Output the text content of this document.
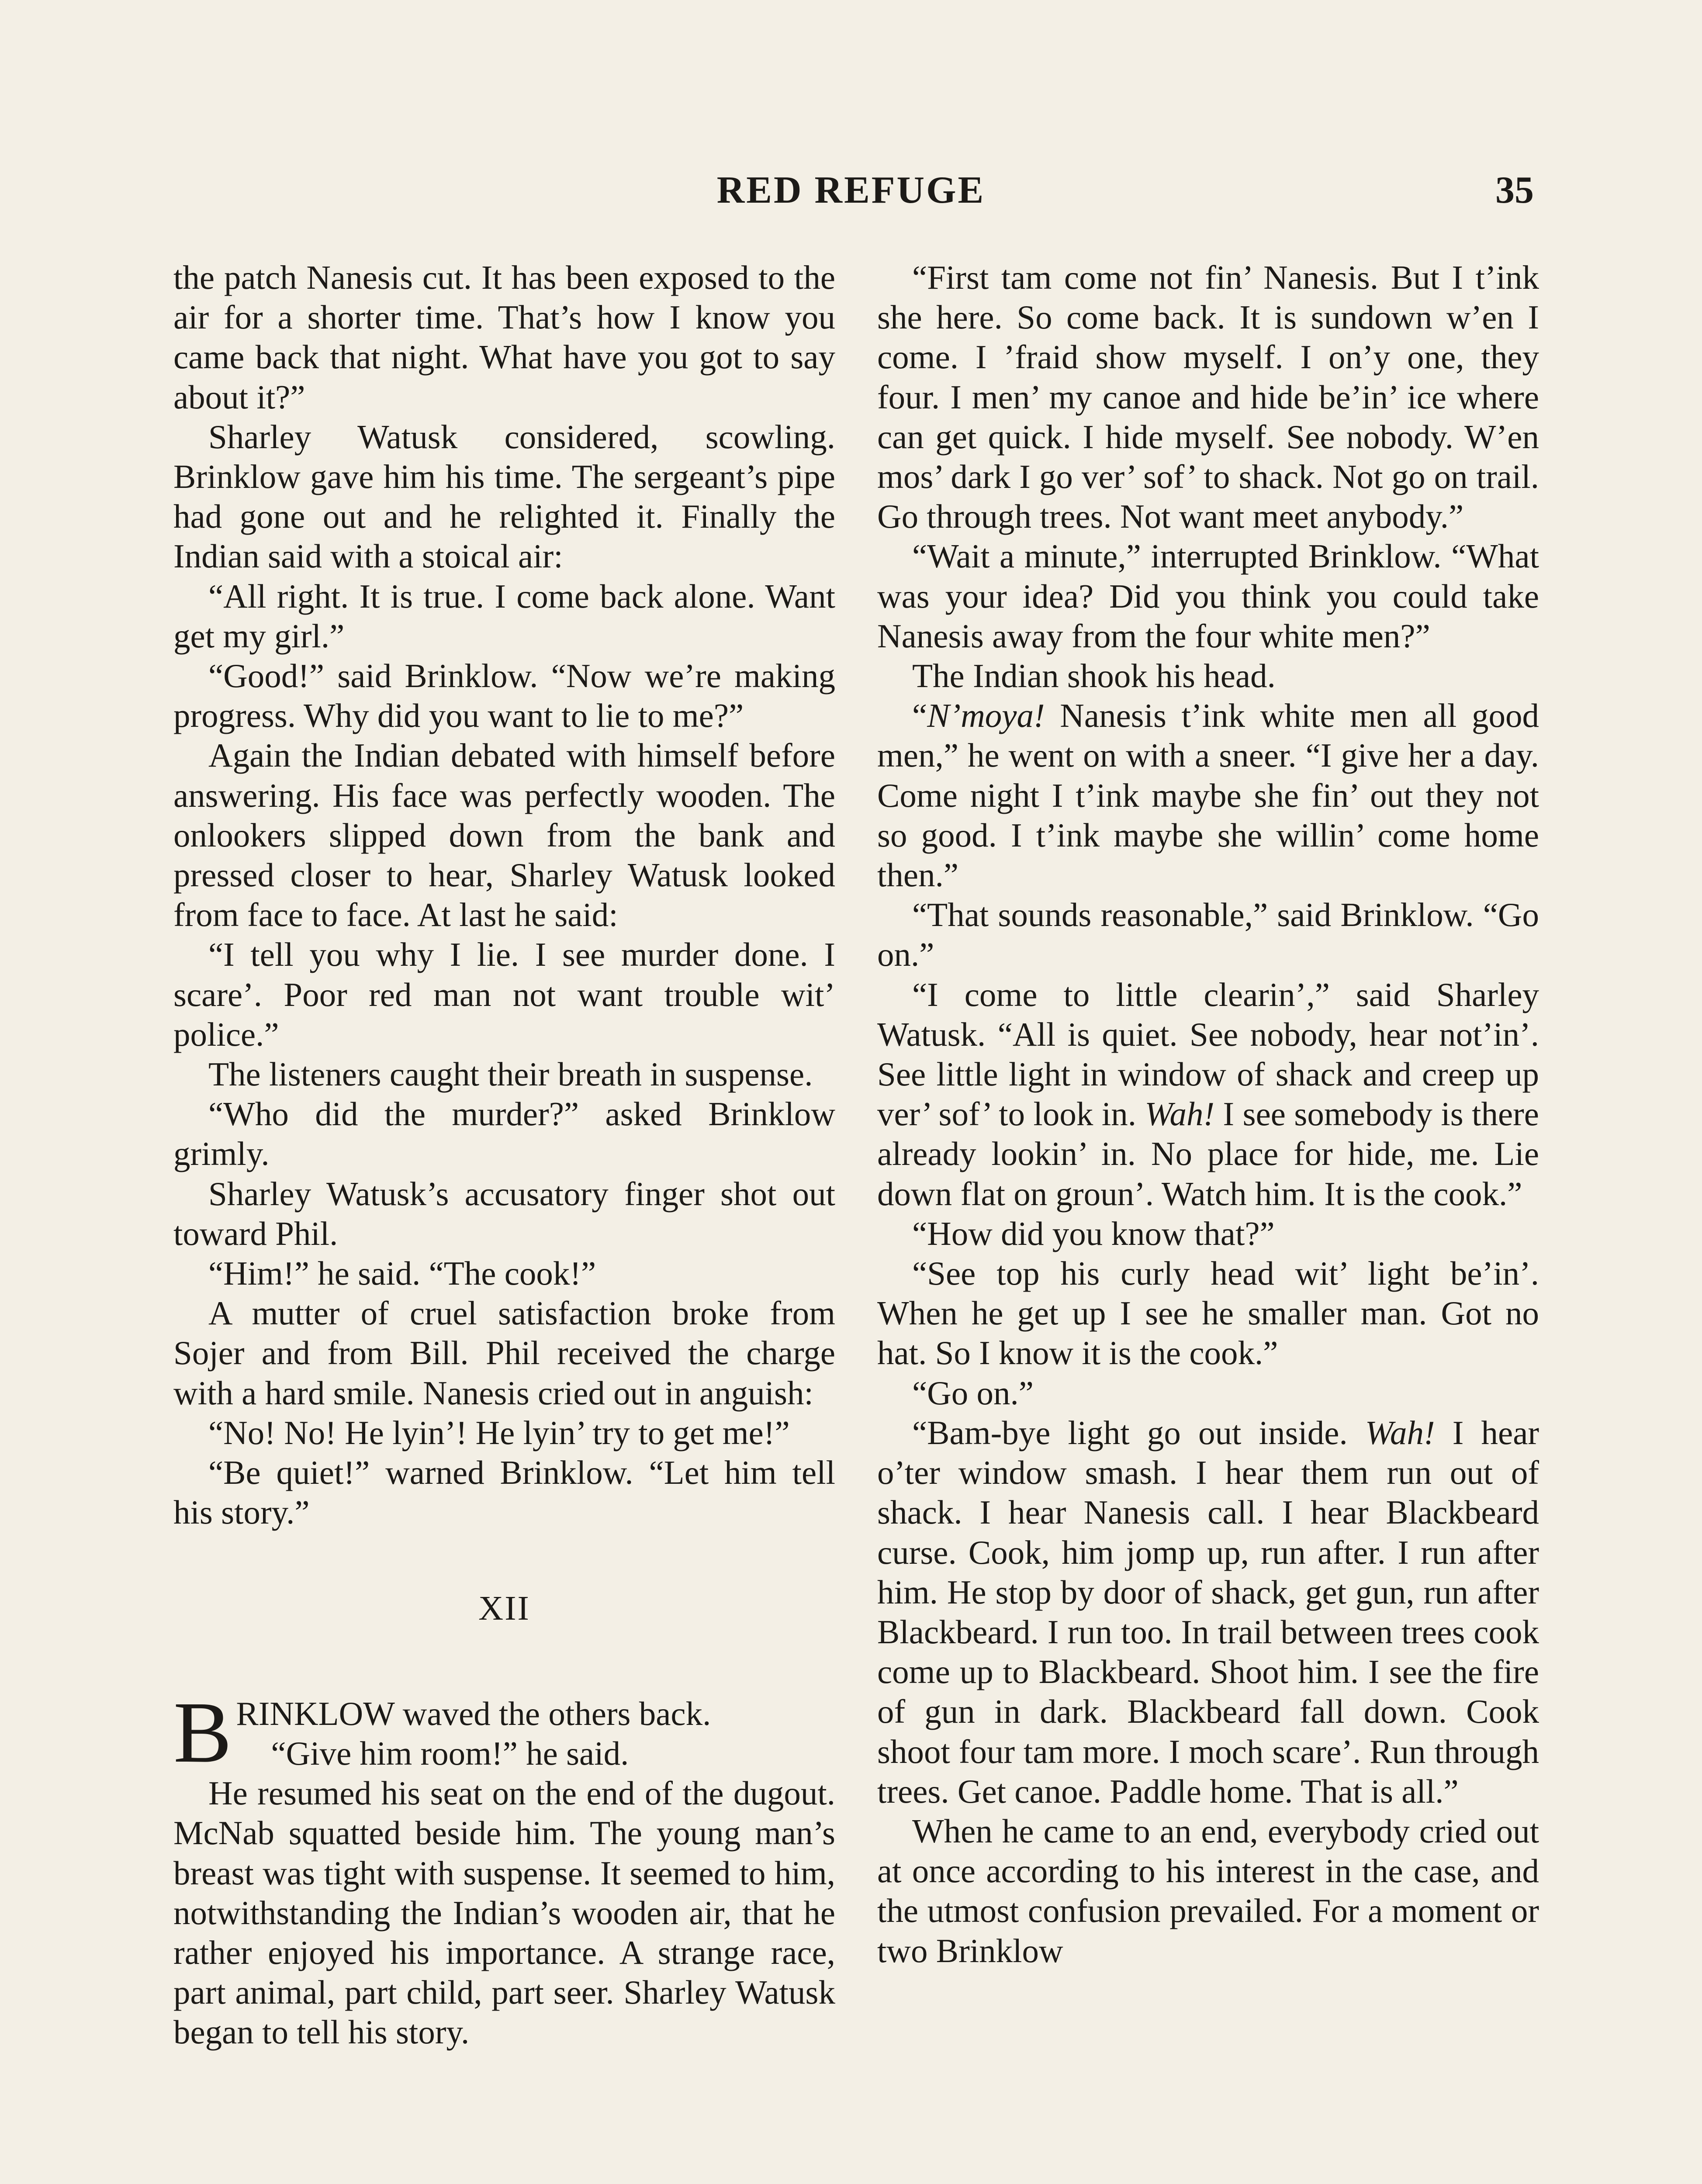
RED REFUGE	35

the patch Nanesis cut. It has been exposed to the air for a shorter time. That’s how I know you came back that night. What have you got to say about it?”

Sharley Watusk considered, scowling. Brinklow gave him his time. The sergeant’s pipe had gone out and he relighted it. Finally the Indian said with a stoical air:

“All right. It is true. I come back alone. Want get my girl.”

“Good!” said Brinklow. “Now we’re making progress. Why did you want to lie to me?”

Again the Indian debated with himself before answering. His face was perfectly wooden. The onlookers slipped down from the bank and pressed closer to hear, Sharley Watusk looked from face to face. At last he said:

“I tell you why I lie. I see murder done. I scare’. Poor red man not want trouble wit’ police.”

The listeners caught their breath in suspense.

“Who did the murder?” asked Brinklow grimly.

Sharley Watusk’s accusatory finger shot out toward Phil.

“Him!” he said. “The cook!”

A mutter of cruel satisfaction broke from Sojer and from Bill. Phil received the charge with a hard smile. Nanesis cried out in anguish:

“No! No! He lyin’! He lyin’ try to get me!”

“Be quiet!” warned Brinklow. “Let him tell his story.”

XII

BRINKLOW waved the others back.
“Give him room!” he said.

He resumed his seat on the end of the dugout. McNab squatted beside him. The young man’s breast was tight with suspense. It seemed to him, notwithstanding the Indian’s wooden air, that he rather enjoyed his importance. A strange race, part animal, part child, part seer. Sharley Watusk began to tell his story.

“First tam come not fin’ Nanesis. But I t’ink she here. So come back. It is sundown w’en I come. I ’fraid show myself. I on’y one, they four. I men’ my canoe and hide be’in’ ice where can get quick. I hide myself. See nobody. W’en mos’ dark I go ver’ sof’ to shack. Not go on trail. Go through trees. Not want meet anybody.”

“Wait a minute,” interrupted Brinklow. “What was your idea? Did you think you could take Nanesis away from the four white men?”

The Indian shook his head.

“N’moya! Nanesis t’ink white men all good men,” he went on with a sneer. “I give her a day. Come night I t’ink maybe she fin’ out they not so good. I t’ink maybe she willin’ come home then.”

“That sounds reasonable,” said Brinklow. “Go on.”

“I come to little clearin’,” said Sharley Watusk. “All is quiet. See nobody, hear not’in’. See little light in window of shack and creep up ver’ sof’ to look in. Wah! I see somebody is there already lookin’ in. No place for hide, me. Lie down flat on groun’. Watch him. It is the cook.”

“How did you know that?”

“See top his curly head wit’ light be’in’. When he get up I see he smaller man. Got no hat. So I know it is the cook.”

“Go on.”

“Bam-bye light go out inside. Wah! I hear o’ter window smash. I hear them run out of shack. I hear Nanesis call. I hear Blackbeard curse. Cook, him jomp up, run after. I run after him. He stop by door of shack, get gun, run after Blackbeard. I run too. In trail between trees cook come up to Blackbeard. Shoot him. I see the fire of gun in dark. Blackbeard fall down. Cook shoot four tam more. I moch scare’. Run through trees. Get canoe. Paddle home. That is all.”

When he came to an end, everybody cried out at once according to his interest in the case, and the utmost confusion prevailed. For a moment or two Brinklow
